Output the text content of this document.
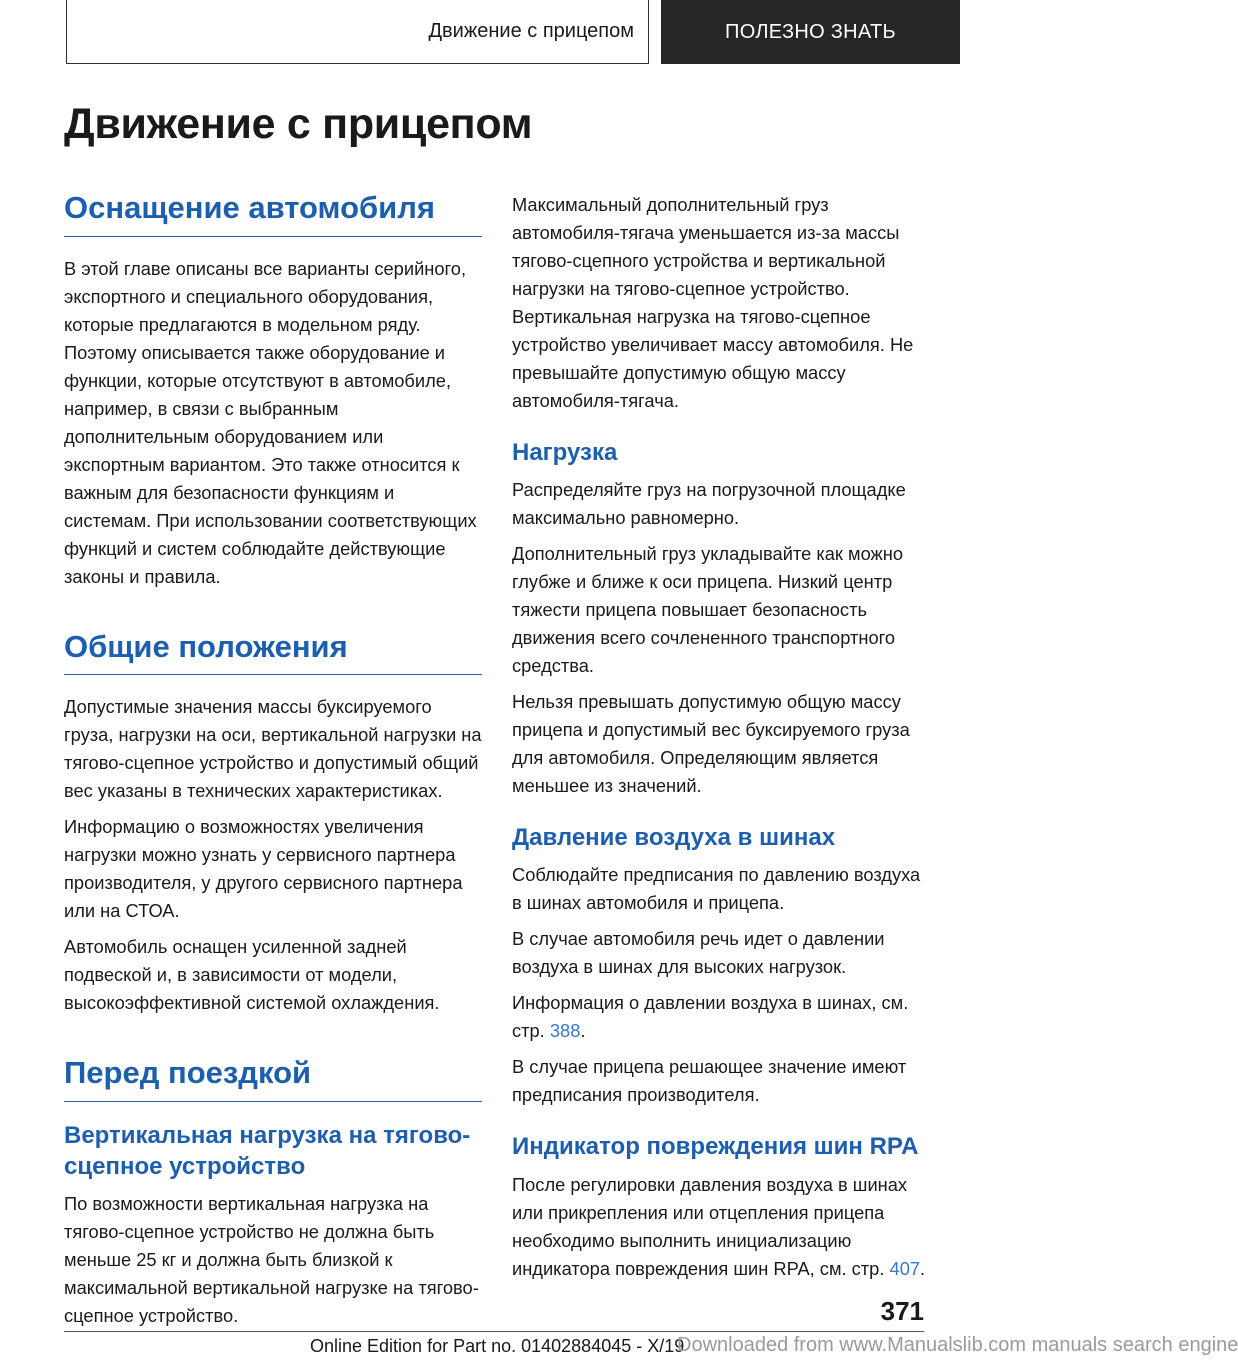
Движение с прицепом	ПОЛЕЗНО ЗНАТЬ
Движение с прицепом
Оснащение автомобиля

В этой главе описаны все варианты серийного, экспортного и специального оборудования, которые предлагаются в модельном ряду. Поэтому описывается также оборудование и функции, которые отсутствуют в автомобиле, например, в связи с выбранным дополнительным оборудованием или экспортным вариантом. Это также относится к важным для безопасности функциям и системам. При использовании соответствующих функций и систем соблюдайте действующие законы и правила.

Общие положения

Допустимые значения массы буксируемого груза, нагрузки на оси, вертикальной нагрузки на тягово-сцепное устройство и допустимый общий вес указаны в технических характеристиках.

Информацию о возможностях увеличения нагрузки можно узнать у сервисного партнера производителя, у другого сервисного партнера или на СТОА.

Автомобиль оснащен усиленной задней подвеской и, в зависимости от модели, высокоэффективной системой охлаждения.

Перед поездкой
Вертикальная нагрузка на тягово-сцепное устройство

По возможности вертикальная нагрузка на тягово-сцепное устройство не должна быть меньше 25 кг и должна быть близкой к максимальной вертикальной нагрузке на тягово-сцепное устройство.

Максимальный дополнительный груз автомобиля-тягача уменьшается из-за массы тягово-сцепного устройства и вертикальной нагрузки на тягово-сцепное устройство. Вертикальная нагрузка на тягово-сцепное устройство увеличивает массу автомобиля. Не превышайте допустимую общую массу автомобиля-тягача.

Нагрузка

Распределяйте груз на погрузочной площадке максимально равномерно.

Дополнительный груз укладывайте как можно глубже и ближе к оси прицепа. Низкий центр тяжести прицепа повышает безопасность движения всего сочлененного транспортного средства.

Нельзя превышать допустимую общую массу прицепа и допустимый вес буксируемого груза для автомобиля. Определяющим является меньшее из значений.

Давление воздуха в шинах

Соблюдайте предписания по давлению воздуха в шинах автомобиля и прицепа.

В случае автомобиля речь идет о давлении воздуха в шинах для высоких нагрузок.

Информация о давлении воздуха в шинах, см. стр. 388.

В случае прицепа решающее значение имеют предписания производителя.

Индикатор повреждения шин RPA

После регулировки давления воздуха в шинах или прикрепления или отцепления прицепа необходимо выполнить инициализацию индикатора повреждения шин RPA, см. стр. 407.

371
Online Edition for Part no. 01402884045 - X/19
Downloaded from www.Manualslib.com manuals search engine
